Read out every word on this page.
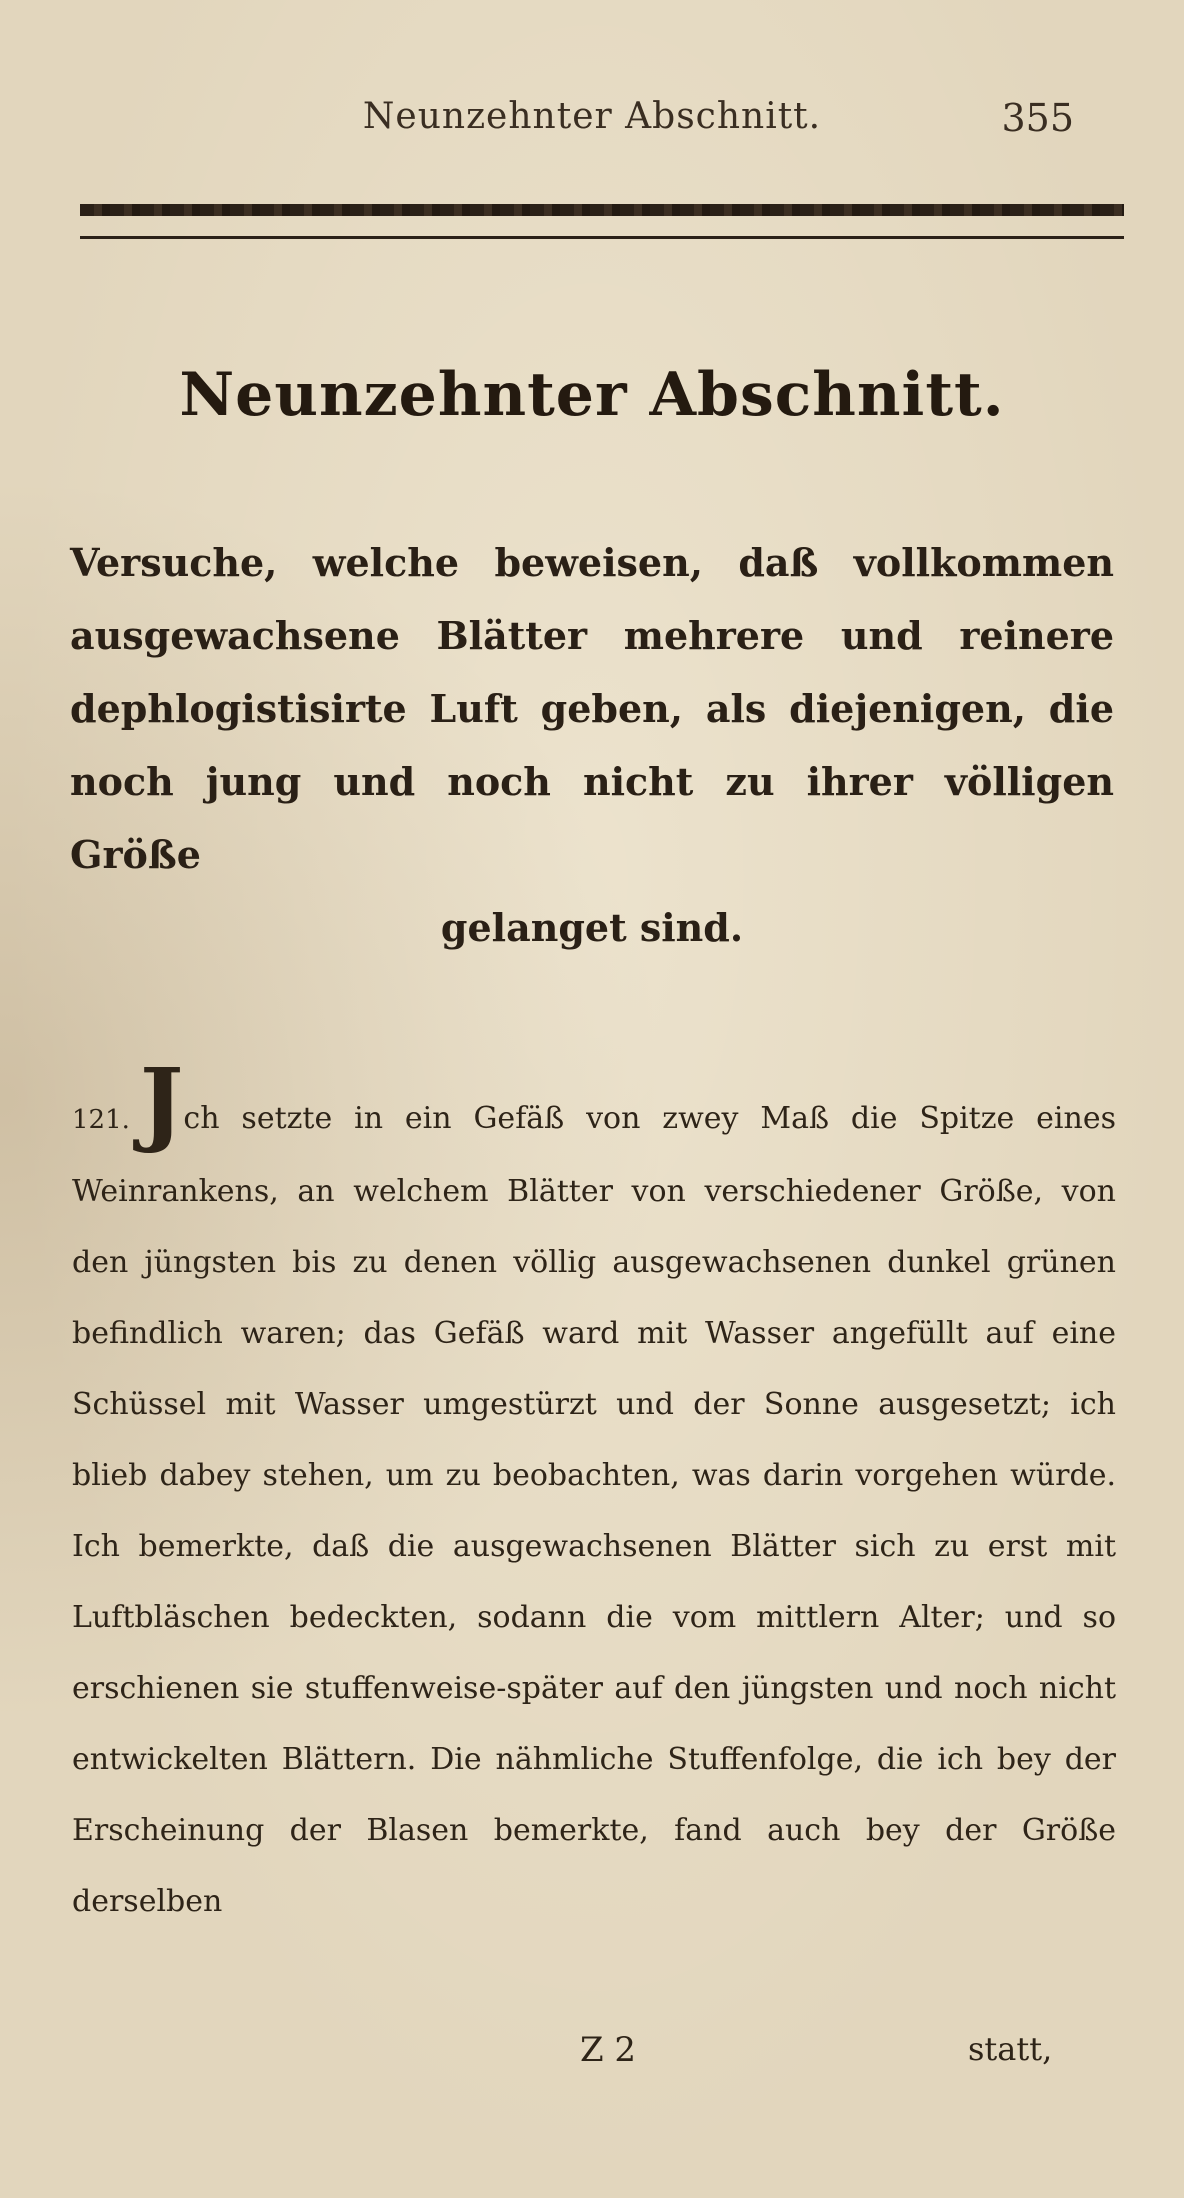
Neunzehnter Abschnitt.	355
Neunzehnter Abschnitt.
Versuche, welche beweisen, daß vollkommen ausgewachsene Blätter mehrere und reinere dephlogistisirte Luft geben, als diejenigen, die noch jung und noch nicht zu ihrer völligen Größe
gelanget sind.

121. Jch setzte in ein Gefäß von zwey Maß die Spitze eines Weinrankens, an welchem Blätter von verschiedener Größe, von den jüngsten bis zu denen völlig ausgewachsenen dunkel grünen befindlich waren; das Gefäß ward mit Wasser angefüllt auf eine Schüssel mit Wasser umgestürzt und der Sonne ausgesetzt; ich blieb dabey stehen, um zu beobachten, was darin vorgehen würde. Ich bemerkte, daß die ausgewachsenen Blätter sich zu erst mit Luftbläschen bedeckten, sodann die vom mittlern Alter; und so erschienen sie stuffenweise-später auf den jüngsten und noch nicht entwickelten Blättern. Die nähmliche Stuffenfolge, die ich bey der Erscheinung der Blasen bemerkte, fand auch bey der Größe derselben

Z 2	statt,
